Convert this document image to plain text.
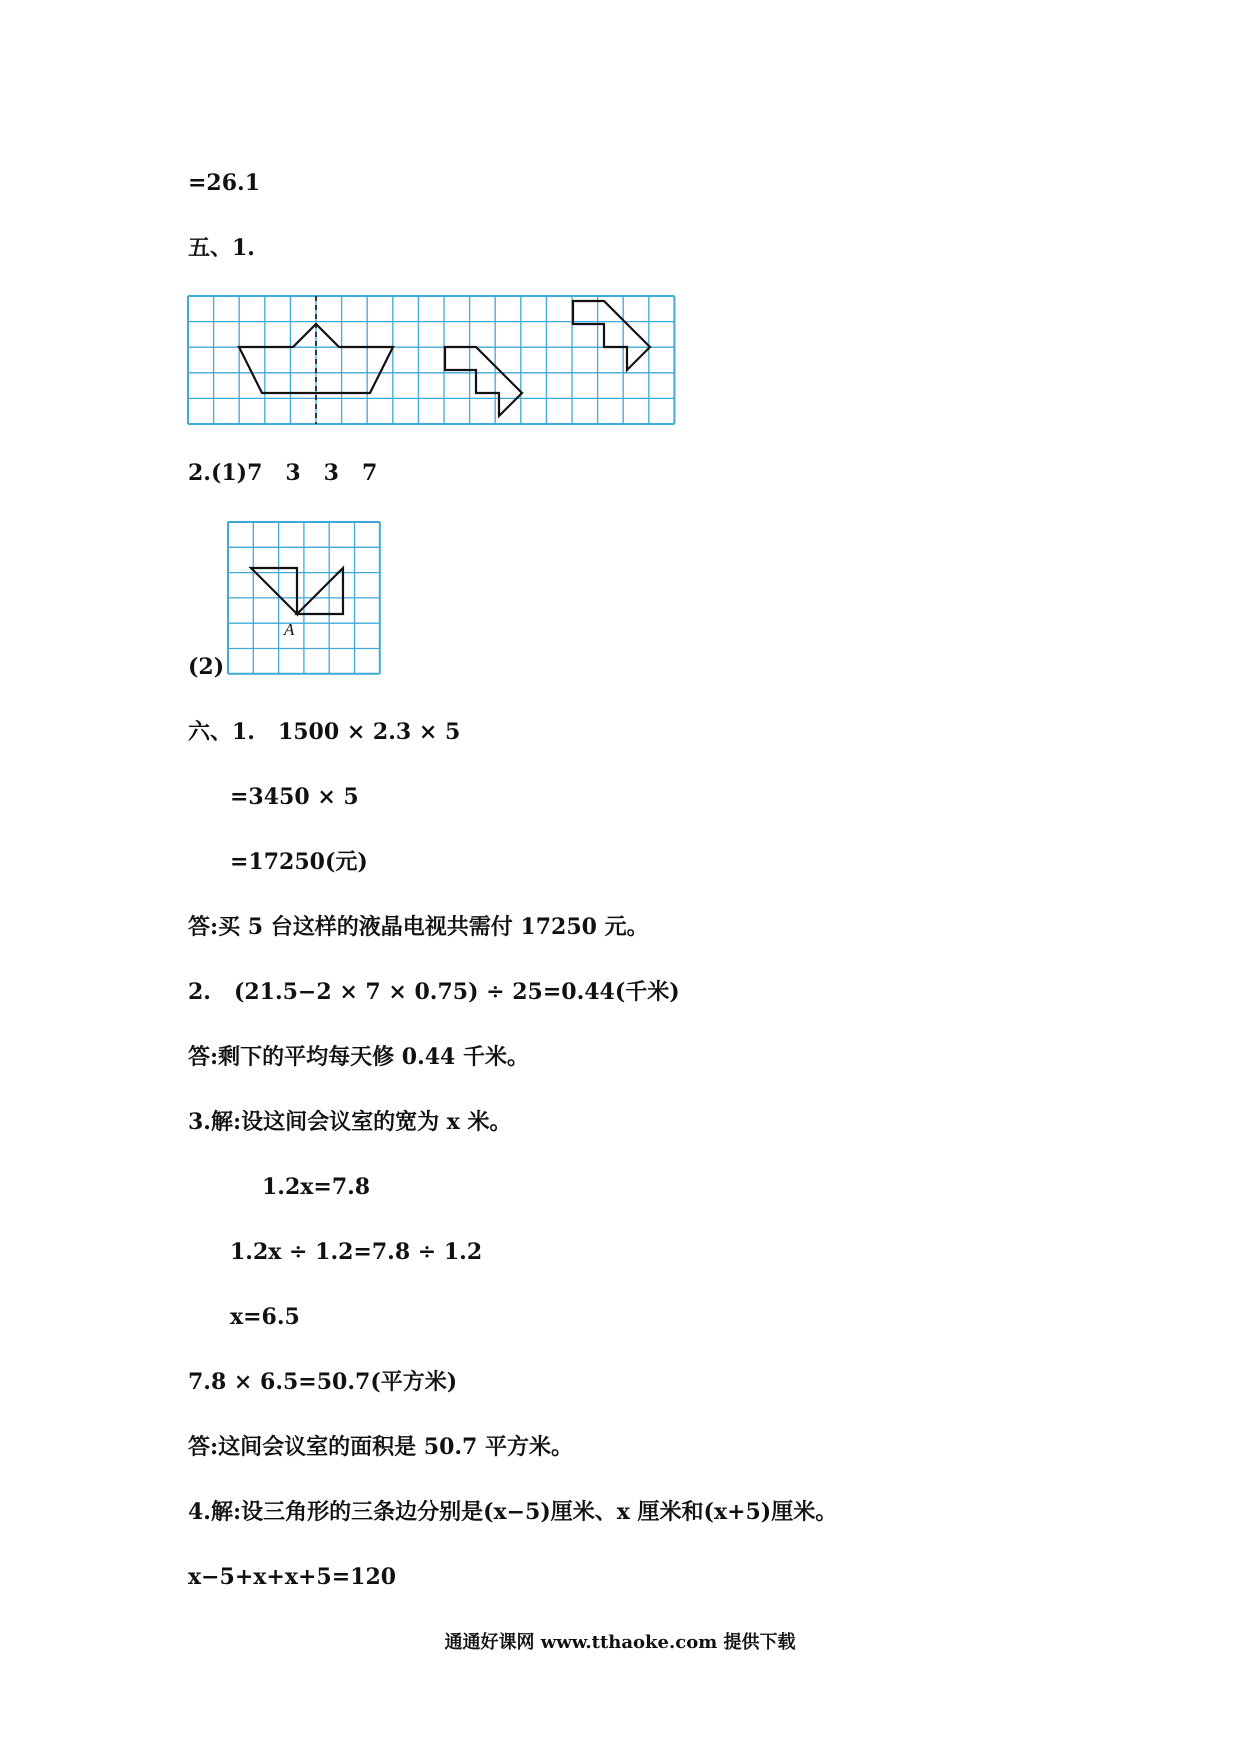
=26.1
五、1.
2.(1)7   3   3   7
A
(2)
六、1.   1500 × 2.3 × 5
=3450 × 5
=17250(元)
答:买 5 台这样的液晶电视共需付 17250 元。
2.   (21.5−2 × 7 × 0.75) ÷ 25=0.44(千米)
答:剩下的平均每天修 0.44 千米。
3.解:设这间会议室的宽为 x 米。
1.2x=7.8
1.2x ÷ 1.2=7.8 ÷ 1.2
x=6.5
7.8 × 6.5=50.7(平方米)
答:这间会议室的面积是 50.7 平方米。
4.解:设三角形的三条边分别是(x−5)厘米、x 厘米和(x+5)厘米。
x−5+x+x+5=120
通通好课网 www.tthaoke.com 提供下载
